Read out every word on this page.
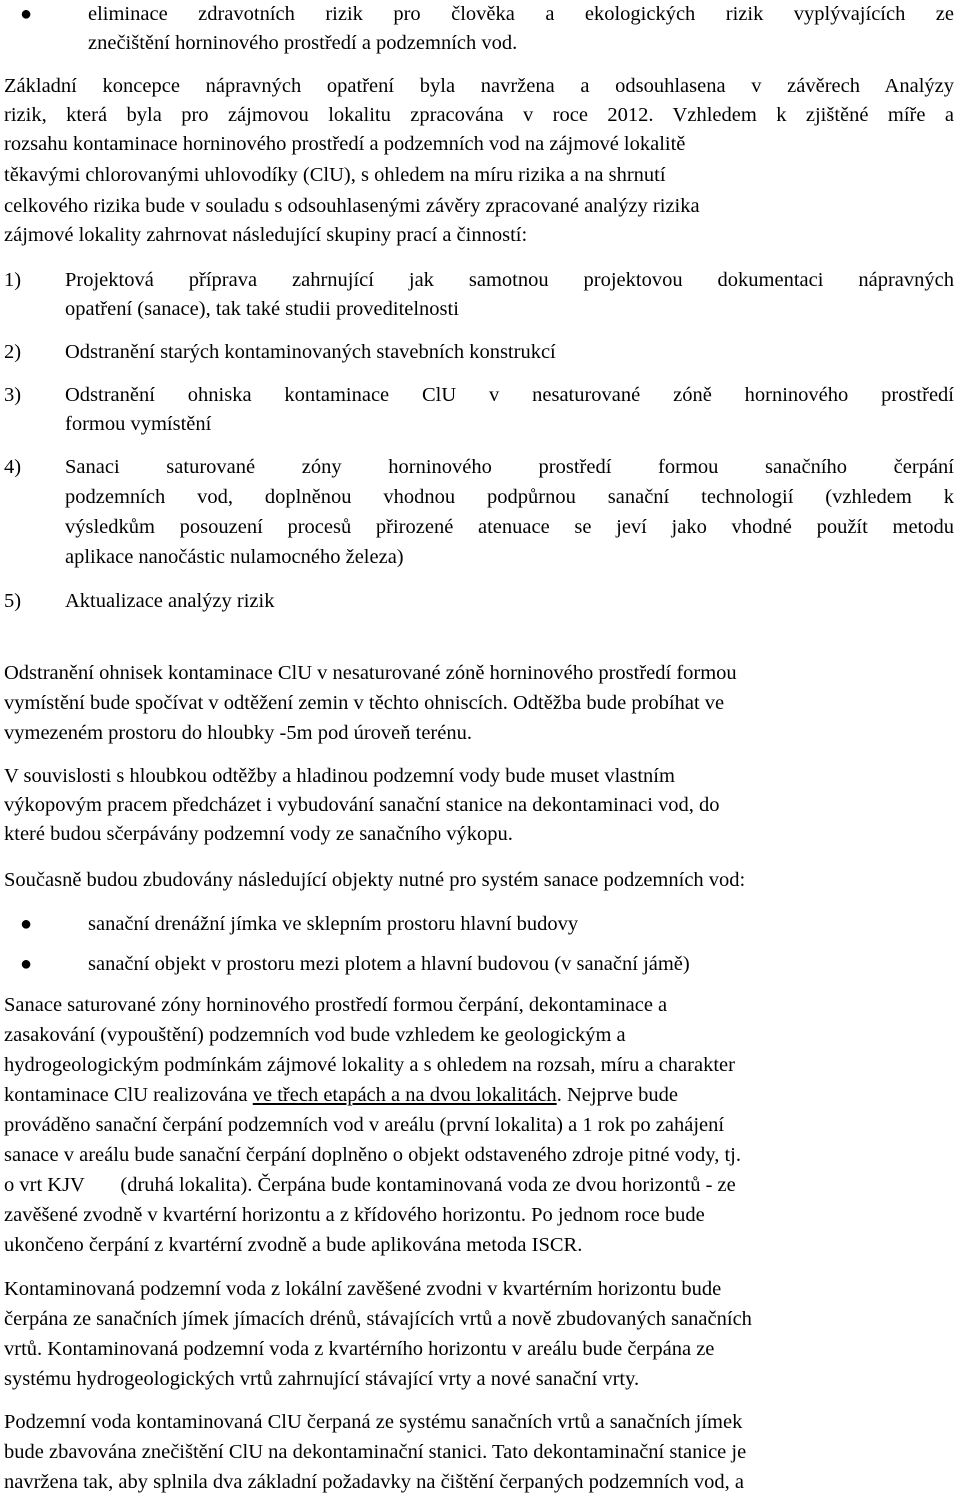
●	eliminace zdravotních rizik pro člověka a ekologických rizik vyplývajících ze
znečištění horninového prostředí a podzemních vod.
Základní koncepce nápravných opatření byla navržena a odsouhlasena v závěrech Analýzy
rizik, která byla pro zájmovou lokalitu zpracována v roce 2012. Vzhledem k zjištěné míře a
rozsahu kontaminace horninového prostředí a podzemních vod na zájmové lokalitě
těkavými chlorovanými uhlovodíky (ClU), s ohledem na míru rizika a na shrnutí
celkového rizika bude v souladu s odsouhlasenými závěry zpracované analýzy rizika
zájmové lokality zahrnovat následující skupiny prací a činností:
1)	Projektová příprava zahrnující jak samotnou projektovou dokumentaci nápravných
opatření (sanace), tak také studii proveditelnosti
2)	Odstranění starých kontaminovaných stavebních konstrukcí
3)	Odstranění ohniska kontaminace ClU v nesaturované zóně horninového prostředí
formou vymístění
4)	Sanaci saturované zóny horninového prostředí formou sanačního čerpání
podzemních vod, doplněnou vhodnou podpůrnou sanační technologií (vzhledem k
výsledkům posouzení procesů přirozené atenuace se jeví jako vhodné použít metodu
aplikace nanočástic nulamocného železa)
5)	Aktualizace analýzy rizik
Odstranění ohnisek kontaminace ClU v nesaturované zóně horninového prostředí formou
vymístění bude spočívat v odtěžení zemin v těchto ohniscích. Odtěžba bude probíhat ve
vymezeném prostoru do hloubky -5m pod úroveň terénu.
V souvislosti s hloubkou odtěžby a hladinou podzemní vody bude muset vlastním
výkopovým pracem předcházet i vybudování sanační stanice na dekontaminaci vod, do
které budou sčerpávány podzemní vody ze sanačního výkopu.
Současně budou zbudovány následující objekty nutné pro systém sanace podzemních vod:
●	sanační drenážní jímka ve sklepním prostoru hlavní budovy
●	sanační objekt v prostoru mezi plotem a hlavní budovou (v sanační jámě)
Sanace saturované zóny horninového prostředí formou čerpání, dekontaminace a
zasakování (vypouštění) podzemních vod bude vzhledem ke geologickým a
hydrogeologickým podmínkám zájmové lokality a s ohledem na rozsah, míru a charakter
kontaminace ClU realizována ve třech etapách a na dvou lokalitách. Nejprve bude
prováděno sanační čerpání podzemních vod v areálu (první lokalita) a 1 rok po zahájení
sanace v areálu bude sanační čerpání doplněno o objekt odstaveného zdroje pitné vody, tj.
o vrt KJV       (druhá lokalita). Čerpána bude kontaminovaná voda ze dvou horizontů - ze
zavěšené zvodně v kvartérní horizontu a z křídového horizontu. Po jednom roce bude
ukončeno čerpání z kvartérní zvodně a bude aplikována metoda ISCR.
Kontaminovaná podzemní voda z lokální zavěšené zvodni v kvartérním horizontu bude
čerpána ze sanačních jímek jímacích drénů, stávajících vrtů a nově zbudovaných sanačních
vrtů. Kontaminovaná podzemní voda z kvartérního horizontu v areálu bude čerpána ze
systému hydrogeologických vrtů zahrnující stávající vrty a nové sanační vrty.
Podzemní voda kontaminovaná ClU čerpaná ze systému sanačních vrtů a sanačních jímek
bude zbavována znečištění ClU na dekontaminační stanici. Tato dekontaminační stanice je
navržena tak, aby splnila dva základní požadavky na čištění čerpaných podzemních vod, a
